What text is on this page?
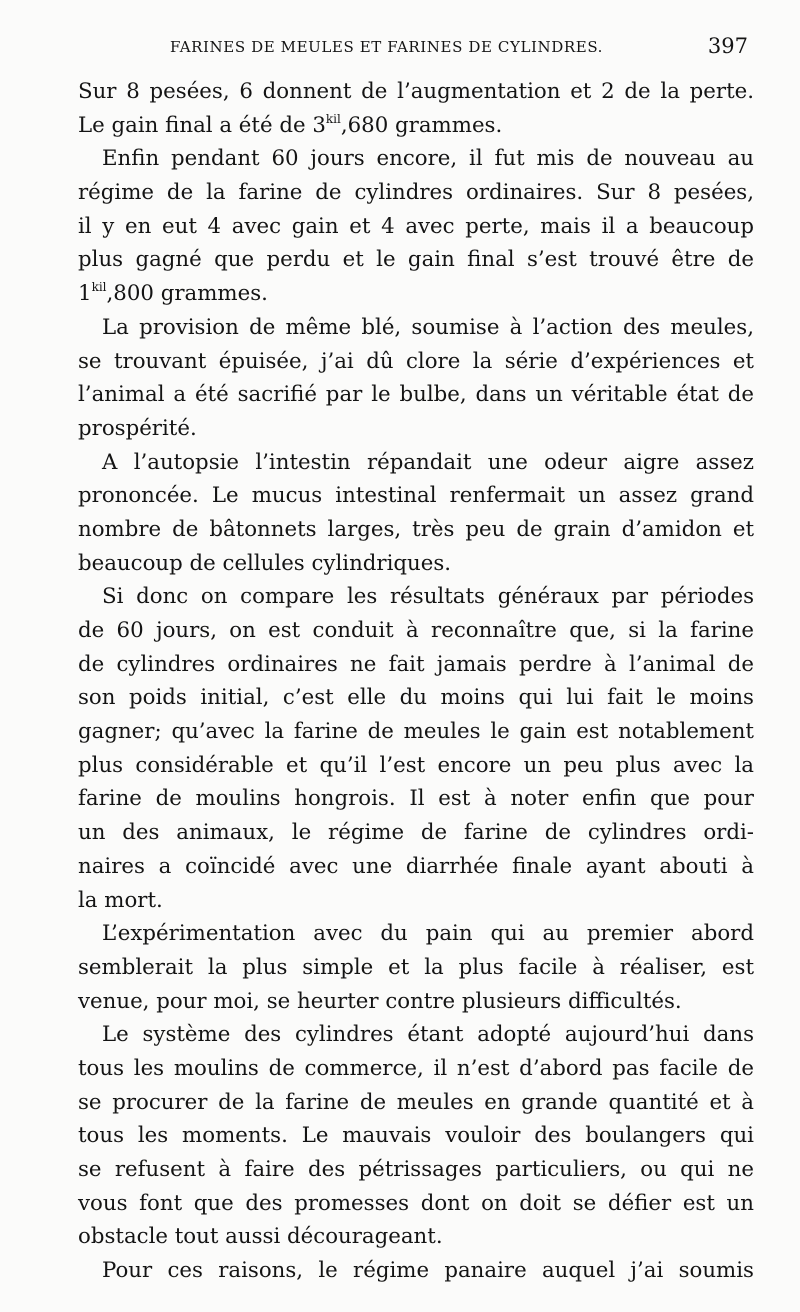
FARINES DE MEULES ET FARINES DE CYLINDRES.	397
Sur 8 pesées, 6 donnent de l’augmentation et 2 de la perte.
Le gain final a été de $3^{kil},680$ grammes.
Enfin pendant 60 jours encore, il fut mis de nouveau au
régime de la farine de cylindres ordinaires. Sur 8 pesées,
il y en eut 4 avec gain et 4 avec perte, mais il a beaucoup
plus gagné que perdu et le gain final s’est trouvé être de
$1^{kil},800$ grammes.
La provision de même blé, soumise à l’action des meules,
se trouvant épuisée, j’ai dû clore la série d’expériences et
l’animal a été sacrifié par le bulbe, dans un véritable état de
prospérité.
A l’autopsie l’intestin répandait une odeur aigre assez
prononcée. Le mucus intestinal renfermait un assez grand
nombre de bâtonnets larges, très peu de grain d’amidon et
beaucoup de cellules cylindriques.
Si donc on compare les résultats généraux par périodes
de 60 jours, on est conduit à reconnaître que, si la farine
de cylindres ordinaires ne fait jamais perdre à l’animal de
son poids initial, c’est elle du moins qui lui fait le moins
gagner; qu’avec la farine de meules le gain est notablement
plus considérable et qu’il l’est encore un peu plus avec la
farine de moulins hongrois. Il est à noter enfin que pour
un des animaux, le régime de farine de cylindres ordi-
naires a coïncidé avec une diarrhée finale ayant abouti à
la mort.
L’expérimentation avec du pain qui au premier abord
semblerait la plus simple et la plus facile à réaliser, est
venue, pour moi, se heurter contre plusieurs difficultés.
Le système des cylindres étant adopté aujourd’hui dans
tous les moulins de commerce, il n’est d’abord pas facile de
se procurer de la farine de meules en grande quantité et à
tous les moments. Le mauvais vouloir des boulangers qui
se refusent à faire des pétrissages particuliers, ou qui ne
vous font que des promesses dont on doit se défier est un
obstacle tout aussi décourageant.
Pour ces raisons, le régime panaire auquel j’ai soumis
